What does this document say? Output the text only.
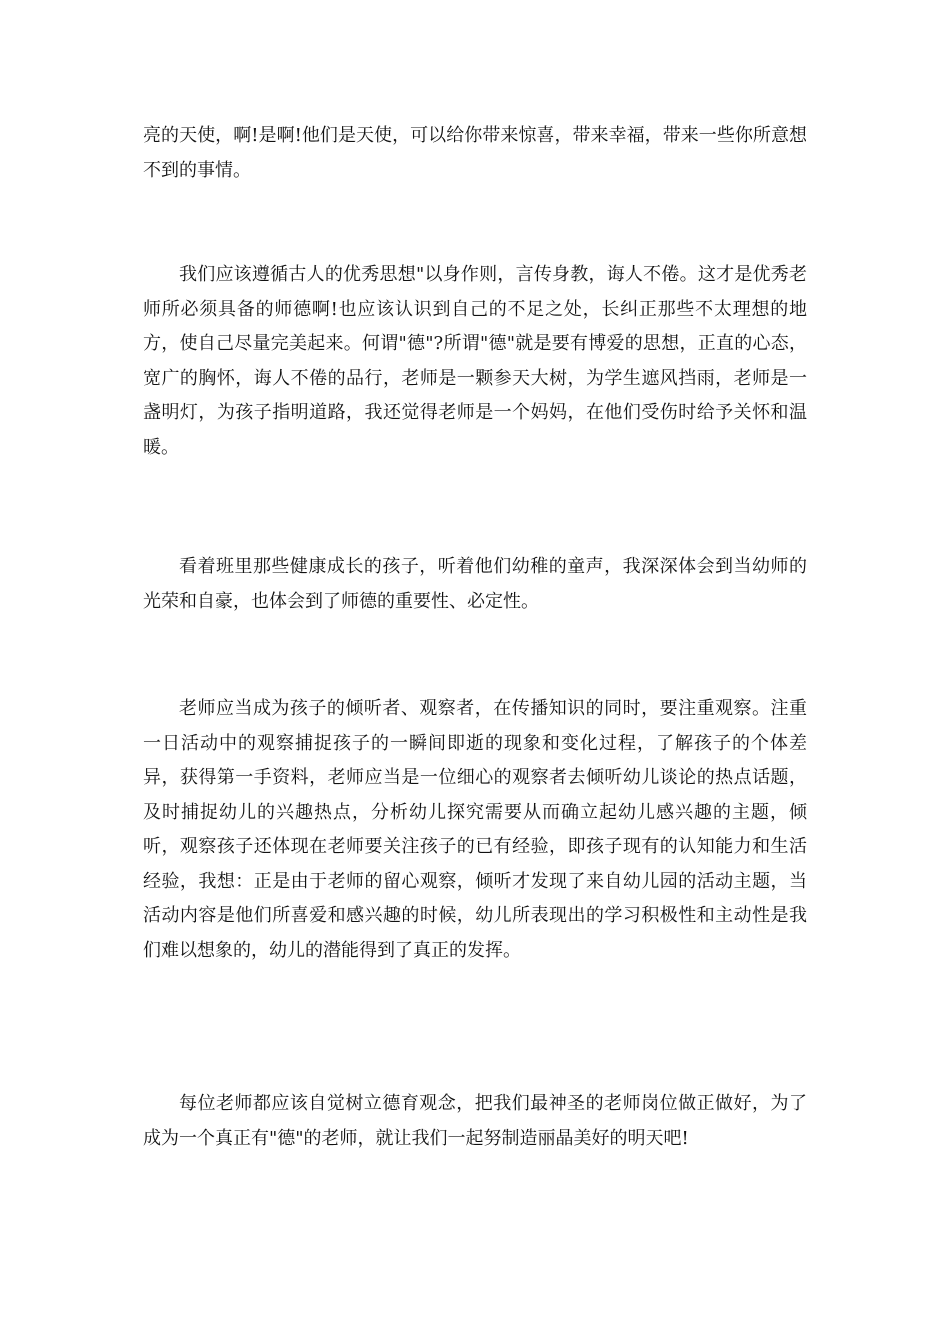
亮的天使，啊!是啊!他们是天使，可以给你带来惊喜，带来幸福，带来一些你所意想不到的事情。

我们应该遵循古人的优秀思想"以身作则，言传身教，诲人不倦。这才是优秀老师所必须具备的师德啊!也应该认识到自己的不足之处，长纠正那些不太理想的地方，使自己尽量完美起来。何谓"德"?所谓"德"就是要有博爱的思想，正直的心态，宽广的胸怀，诲人不倦的品行，老师是一颗参天大树，为学生遮风挡雨，老师是一盏明灯，为孩子指明道路，我还觉得老师是一个妈妈，在他们受伤时给予关怀和温暖。

看着班里那些健康成长的孩子，听着他们幼稚的童声，我深深体会到当幼师的光荣和自豪，也体会到了师德的重要性、必定性。

老师应当成为孩子的倾听者、观察者，在传播知识的同时，要注重观察。注重一日活动中的观察捕捉孩子的一瞬间即逝的现象和变化过程，了解孩子的个体差异，获得第一手资料，老师应当是一位细心的观察者去倾听幼儿谈论的热点话题，及时捕捉幼儿的兴趣热点，分析幼儿探究需要从而确立起幼儿感兴趣的主题，倾听，观察孩子还体现在老师要关注孩子的已有经验，即孩子现有的认知能力和生活经验，我想：正是由于老师的留心观察，倾听才发现了来自幼儿园的活动主题，当活动内容是他们所喜爱和感兴趣的时候，幼儿所表现出的学习积极性和主动性是我们难以想象的，幼儿的潜能得到了真正的发挥。

每位老师都应该自觉树立德育观念，把我们最神圣的老师岗位做正做好，为了成为一个真正有"德"的老师，就让我们一起努制造丽晶美好的明天吧!
